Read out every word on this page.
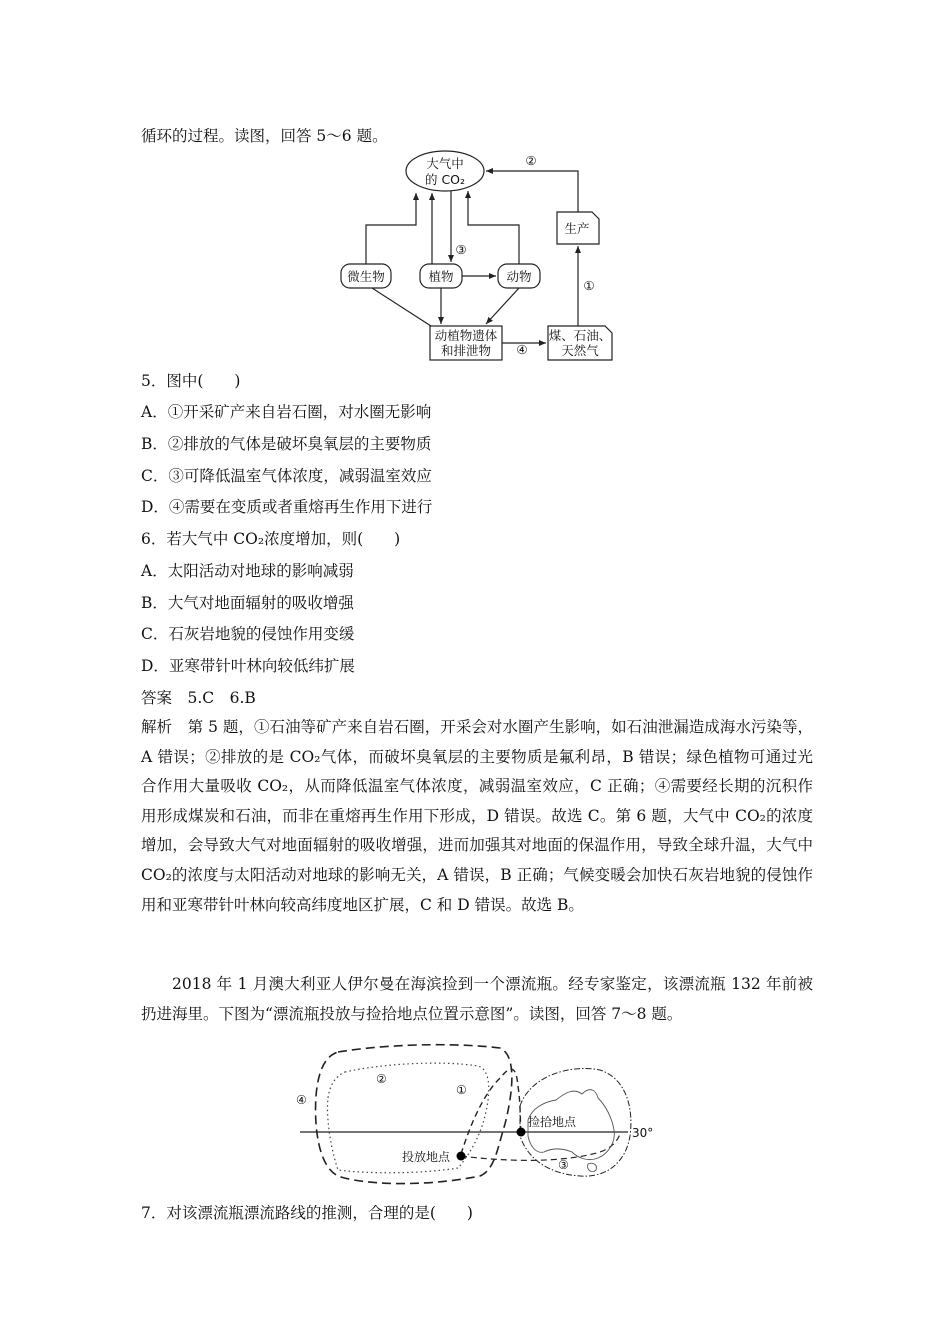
循环的过程。读图，回答 5～6 题。
大气中
的 CO₂
生产
微生物	植物	动物
动植物遗体
和排泄物
煤、石油、
天然气
②
③
①
④
5．图中(　　)
A．①开采矿产来自岩石圈，对水圈无影响
B．②排放的气体是破坏臭氧层的主要物质
C．③可降低温室气体浓度，减弱温室效应
D．④需要在变质或者重熔再生作用下进行
6．若大气中 CO₂浓度增加，则(　　)
A．太阳活动对地球的影响减弱
B．大气对地面辐射的吸收增强
C．石灰岩地貌的侵蚀作用变缓
D．亚寒带针叶林向较低纬扩展
答案　5.C　6.B
解析　第 5 题，①石油等矿产来自岩石圈，开采会对水圈产生影响，如石油泄漏造成海水污染等，A 错误；②排放的是 CO₂气体，而破坏臭氧层的主要物质是氟利昂，B 错误；绿色植物可通过光合作用大量吸收 CO₂，从而降低温室气体浓度，减弱温室效应，C 正确；④需要经长期的沉积作用形成煤炭和石油，而非在重熔再生作用下形成，D 错误。故选 C。第 6 题，大气中 CO₂的浓度增加，会导致大气对地面辐射的吸收增强，进而加强其对地面的保温作用，导致全球升温，大气中 CO₂的浓度与太阳活动对地球的影响无关，A 错误，B 正确；气候变暖会加快石灰岩地貌的侵蚀作用和亚寒带针叶林向较高纬度地区扩展，C 和 D 错误。故选 B。
2018 年 1 月澳大利亚人伊尔曼在海滨捡到一个漂流瓶。经专家鉴定，该漂流瓶 132 年前被扔进海里。下图为“漂流瓶投放与捡拾地点位置示意图”。读图，回答 7～8 题。
捡拾地点
投放地点
30°
①
②
③
④
7．对该漂流瓶漂流路线的推测，合理的是(　　)
